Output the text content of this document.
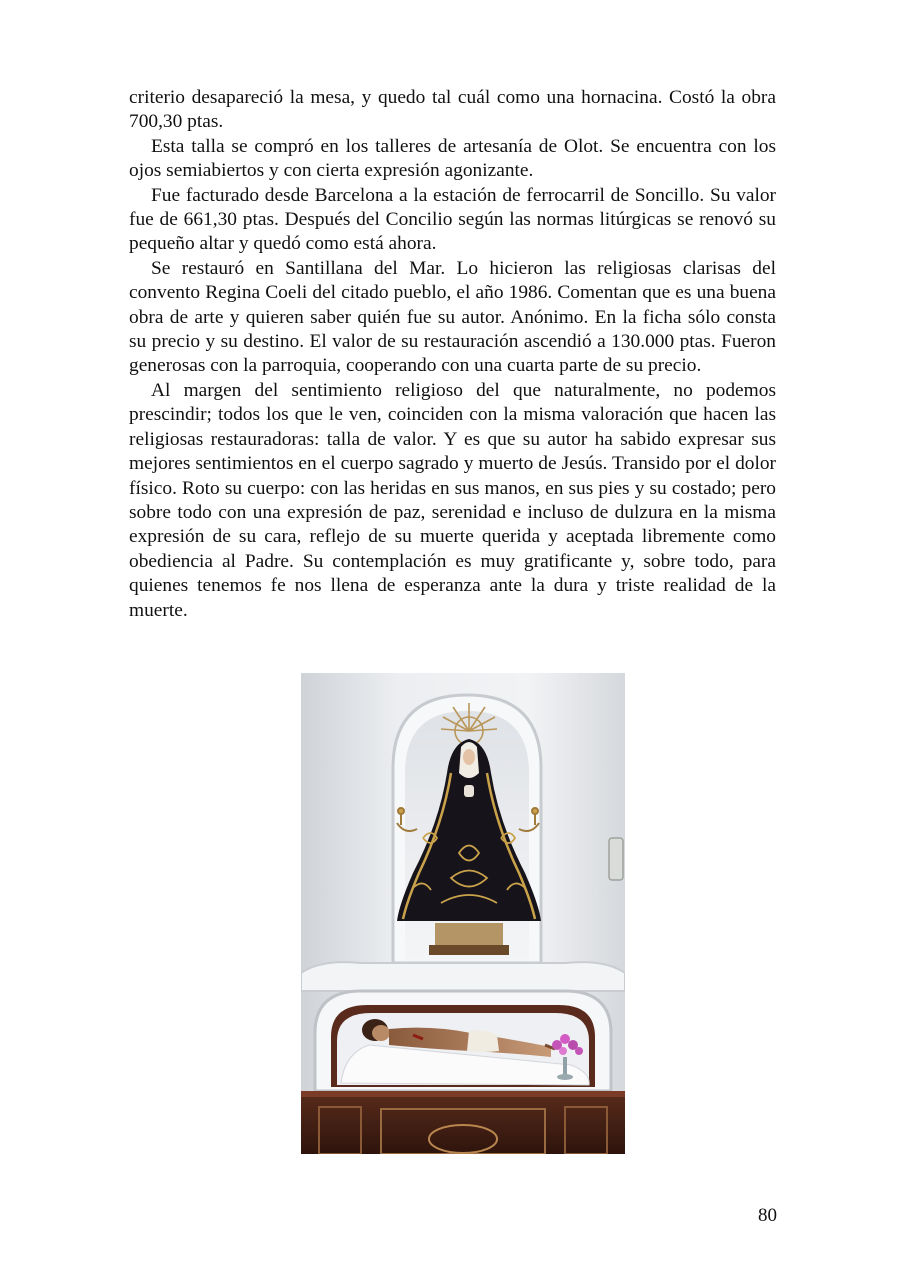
criterio desapareció la mesa, y quedo tal cuál como una hornacina. Costó la obra 700,30 ptas.

Esta talla se compró en los talleres de artesanía de Olot. Se encuentra con los ojos semiabiertos y con cierta expresión agonizante.

Fue facturado desde Barcelona a la estación de ferrocarril de Soncillo. Su valor fue de 661,30 ptas. Después del Concilio según las normas litúrgicas se renovó su pequeño altar y quedó como está ahora.

Se restauró en Santillana del Mar. Lo hicieron las religiosas clarisas del convento Regina Coeli del citado pueblo, el año 1986. Comentan que es una buena obra de arte y quieren saber quién fue su autor. Anónimo. En la ficha sólo consta su precio y su destino. El valor de su restauración ascendió a 130.000 ptas. Fueron generosas con la parroquia, cooperando con una cuarta parte de su precio.

Al margen del sentimiento religioso del que naturalmente, no podemos prescindir; todos los que le ven, coinciden con la misma valoración que hacen las religiosas restauradoras: talla de valor. Y es que su autor ha sabido expresar sus mejores sentimientos en el cuerpo sagrado y muerto de Jesús. Transido por el dolor físico. Roto su cuerpo: con las heridas en sus manos, en sus pies y su costado; pero sobre todo con una expresión de paz, serenidad e incluso de dulzura en la misma expresión de su cara, reflejo de su muerte querida y aceptada libremente como obediencia al Padre. Su contemplación es muy gratificante y, sobre todo, para quienes tenemos fe nos llena de esperanza ante la dura y triste realidad de la muerte.

80
